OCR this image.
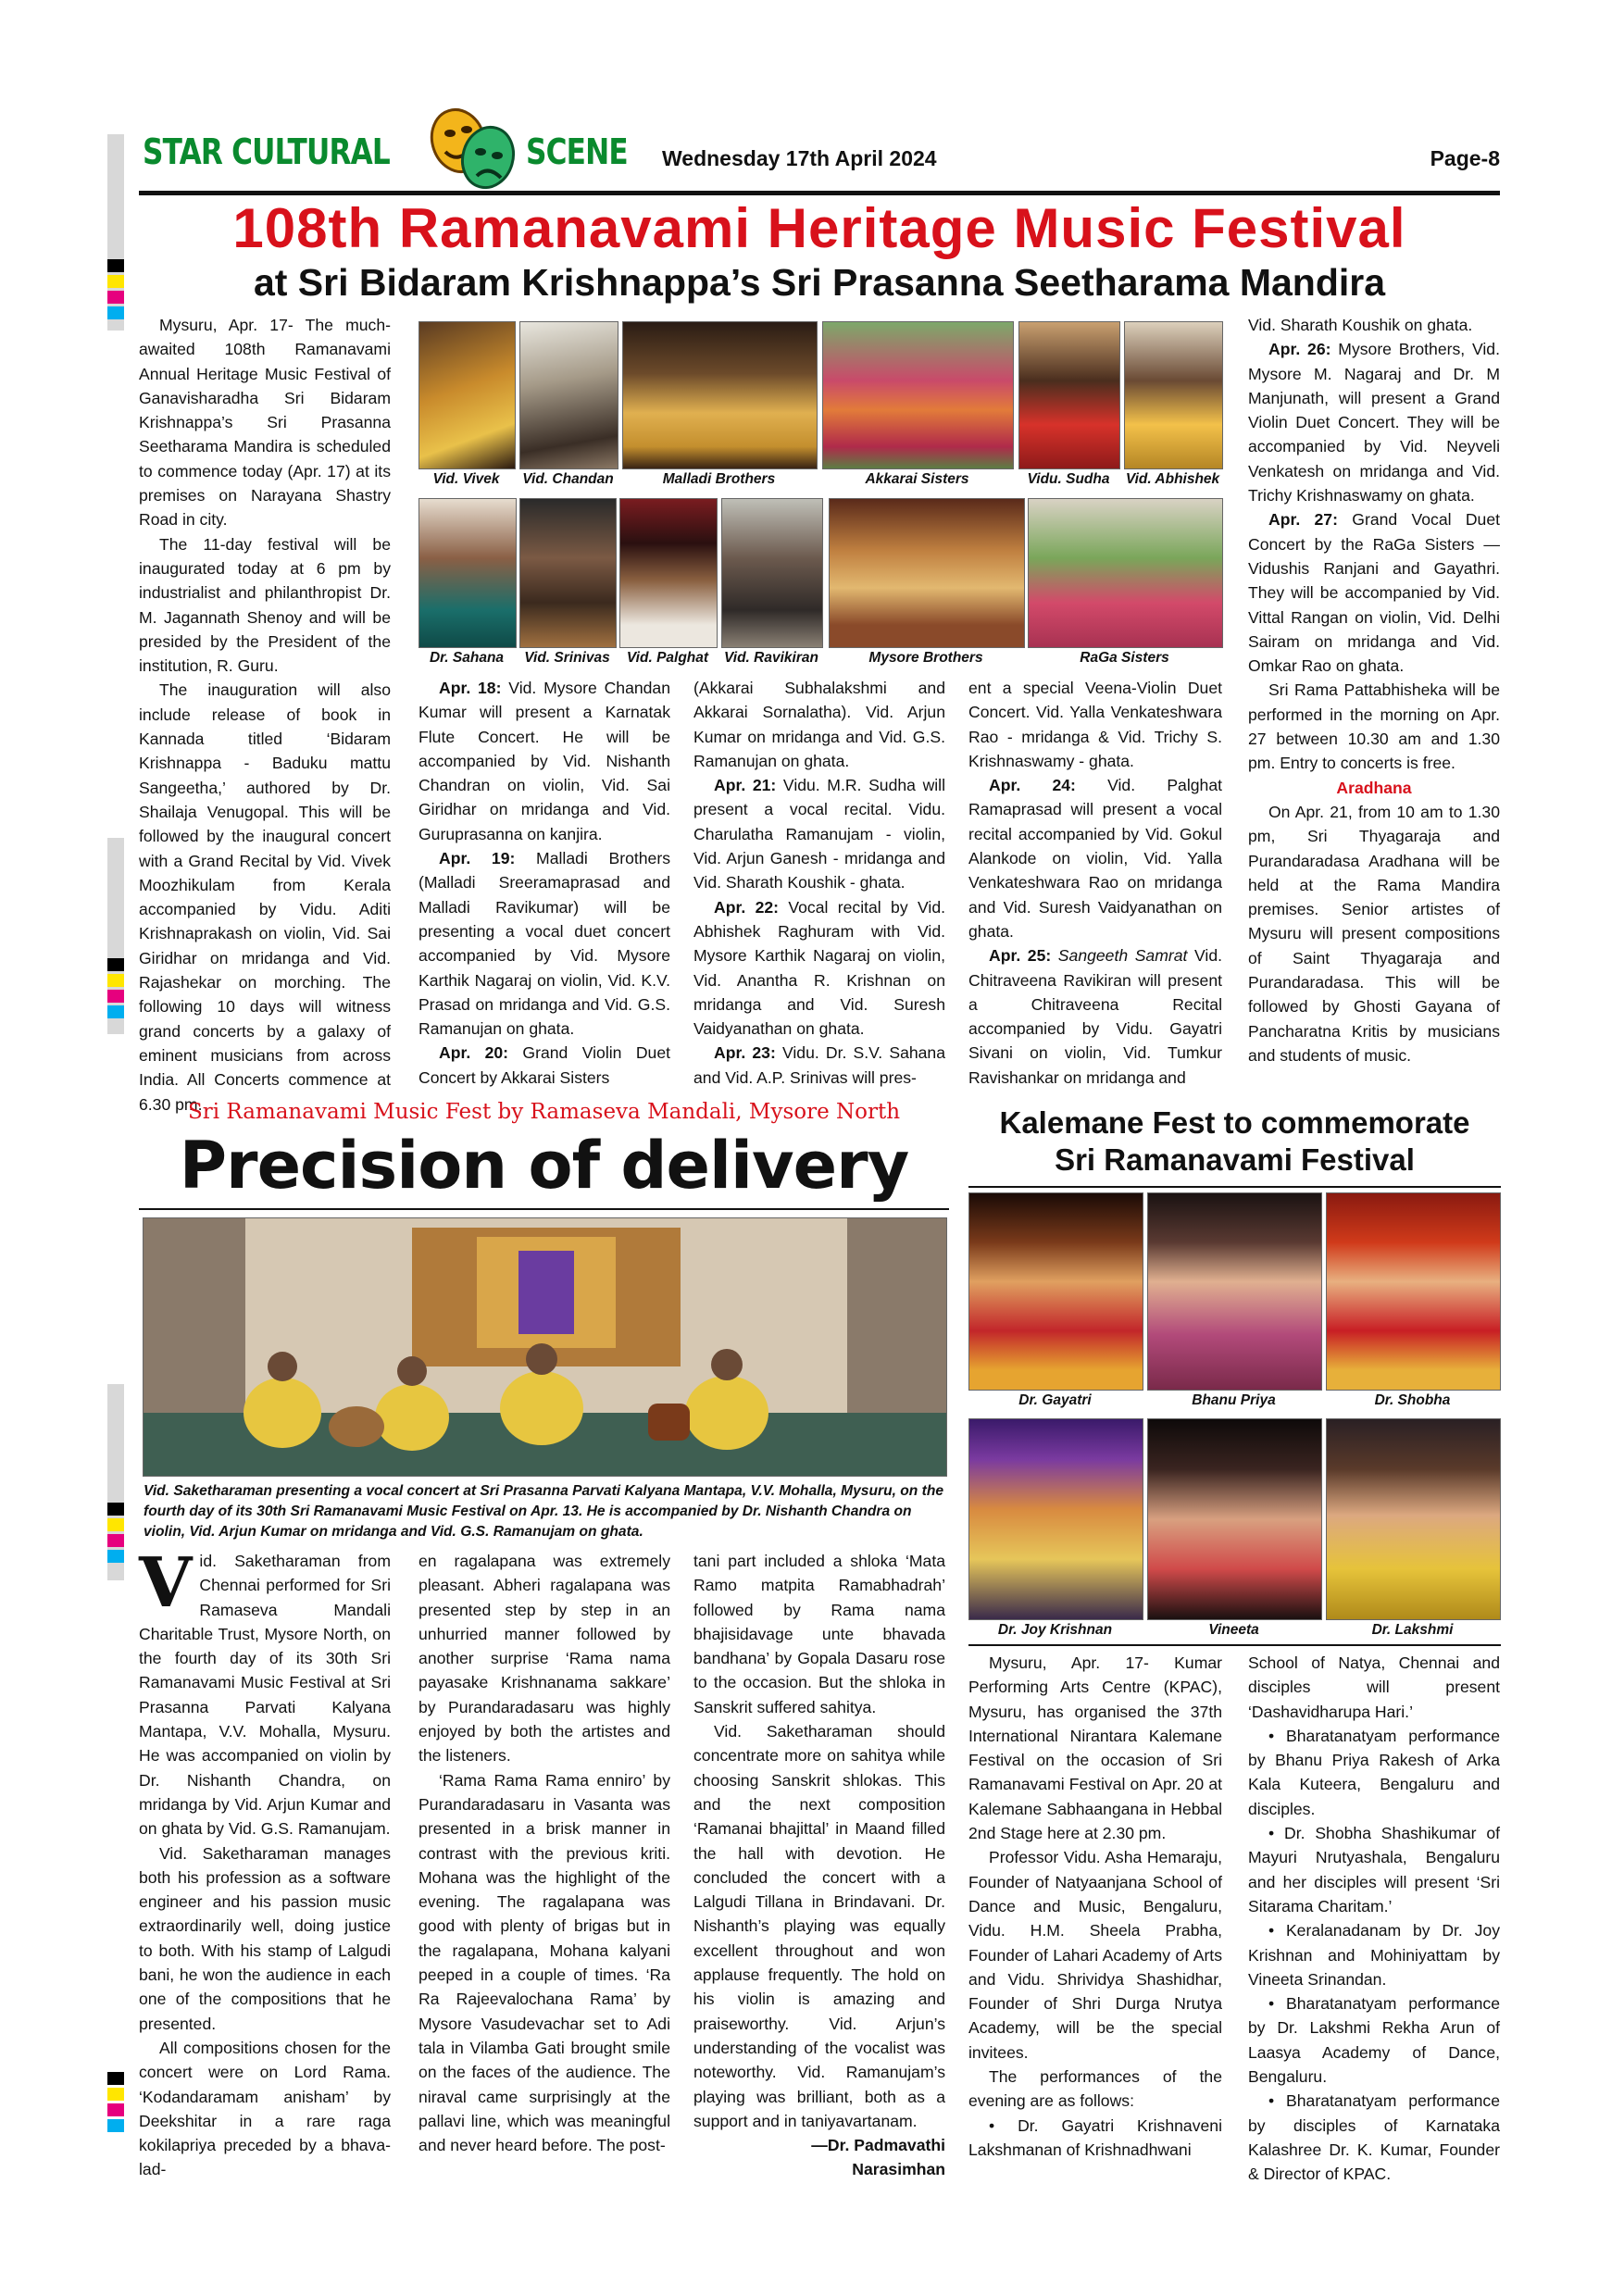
STAR CULTURAL	SCENE Wednesday 17th April 2024	Page-8
108th Ramanavami Heritage Music Festival
at Sri Bidaram Krishnappa’s Sri Prasanna Seetharama Mandira

Mysuru, Apr. 17- The much-awaited 108th Ramanavami Annual Heritage Music Festival of Ganavisharadha Sri Bidaram Krishnappa’s Sri Prasanna Seetharama Mandira is scheduled to commence today (Apr. 17) at its premises on Narayana Shastry Road in city.

The 11-day festival will be inaugurated today at 6 pm by industrialist and philanthropist Dr. M. Jagannath Shenoy and will be presided by the President of the institution, R. Guru.

The inauguration will also include release of book in Kannada titled ‘Bidaram Krishnappa - Baduku mattu Sangeetha,’ authored by Dr. Shailaja Venugopal. This will be followed by the inaugural concert with a Grand Recital by Vid. Vivek Moozhikulam from Kerala accompanied by Vidu. Aditi Krishnaprakash on violin, Vid. Sai Giridhar on mridanga and Vid. Rajashekar on morching. The following 10 days will witness grand concerts by a galaxy of eminent musicians from across India. All Concerts commence at 6.30 pm.

Vid. Vivek	Vid. Chandan	Malladi Brothers	Akkarai Sisters	Vidu. Sudha	Vid. Abhishek
Dr. Sahana	Vid. Srinivas	Vid. Palghat	Vid. Ravikiran	Mysore Brothers	RaGa Sisters

Apr. 18: Vid. Mysore Chandan Kumar will present a Karnatak Flute Concert. He will be accompanied by Vid. Nishanth Chandran on violin, Vid. Sai Giridhar on mridanga and Vid. Guruprasanna on kanjira.

Apr. 19: Malladi Brothers (Malladi Sreeramaprasad and Malladi Ravikumar) will be presenting a vocal duet concert accompanied by Vid. Mysore Karthik Nagaraj on violin, Vid. K.V. Prasad on mridanga and Vid. G.S. Ramanujan on ghata.

Apr. 20: Grand Violin Duet Concert by Akkarai Sisters

(Akkarai Subhalakshmi and Akkarai Sornalatha). Vid. Arjun Kumar on mridanga and Vid. G.S. Ramanujan on ghata.

Apr. 21: Vidu. M.R. Sudha will present a vocal recital. Vidu. Charulatha Ramanujam - violin, Vid. Arjun Ganesh - mridanga and Vid. Sharath Koushik - ghata.

Apr. 22: Vocal recital by Vid. Abhishek Raghuram with Vid. Mysore Karthik Nagaraj on violin, Vid. Anantha R. Krishnan on mridanga and Vid. Suresh Vaidyanathan on ghata.

Apr. 23: Vidu. Dr. S.V. Sahana and Vid. A.P. Srinivas will pres-

ent a special Veena-Violin Duet Concert. Vid. Yalla Venkateshwara Rao - mridanga & Vid. Trichy S. Krishnaswamy - ghata.

Apr. 24: Vid. Palghat Ramaprasad will present a vocal recital accompanied by Vid. Gokul Alankode on violin, Vid. Yalla Venkateshwara Rao on mridanga and Vid. Suresh Vaidyanathan on ghata.

Apr. 25: Sangeeth Samrat Vid. Chitraveena Ravikiran will present a Chitraveena Recital accompanied by Vidu. Gayatri Sivani on violin, Vid. Tumkur Ravishankar on mridanga and

Vid. Sharath Koushik on ghata.

Apr. 26: Mysore Brothers, Vid. Mysore M. Nagaraj and Dr. M Manjunath, will present a Grand Violin Duet Concert. They will be accompanied by Vid. Neyveli Venkatesh on mridanga and Vid. Trichy Krishnaswamy on ghata.

Apr. 27: Grand Vocal Duet Concert by the RaGa Sisters — Vidushis Ranjani and Gayathri. They will be accompanied by Vid. Vittal Rangan on violin, Vid. Delhi Sairam on mridanga and Vid. Omkar Rao on ghata.

Sri Rama Pattabhisheka will be performed in the morning on Apr. 27 between 10.30 am and 1.30 pm. Entry to concerts is free.

Aradhana

On Apr. 21, from 10 am to 1.30 pm, Sri Thyagaraja and Purandaradasa Aradhana will be held at the Rama Mandira premises. Senior artistes of Mysuru will present compositions of Saint Thyagaraja and Purandaradasa. This will be followed by Ghosti Gayana of Pancharatna Kritis by musicians and students of music.

Sri Ramanavami Music Fest by Ramaseva Mandali, Mysore North
Precision of delivery
Vid. Saketharaman presenting a vocal concert at Sri Prasanna Parvati Kalyana Mantapa, V.V. Mohalla, Mysuru, on the fourth day of its 30th Sri Ramanavami Music Festival on Apr. 13. He is accompanied by Dr. Nishanth Chandra on violin, Vid. Arjun Kumar on mridanga and Vid. G.S. Ramanujam on ghata.

Vid. Saketharaman from Chennai performed for Sri Ramaseva Mandali Charitable Trust, Mysore North, on the fourth day of its 30th Sri Ramanavami Music Festival at Sri Prasanna Parvati Kalyana Mantapa, V.V. Mohalla, Mysuru. He was accompanied on violin by Dr. Nishanth Chandra, on mridanga by Vid. Arjun Kumar and on ghata by Vid. G.S. Ramanujam.

Vid. Saketharaman manages both his profession as a software engineer and his passion music extraordinarily well, doing justice to both. With his stamp of Lalgudi bani, he won the audience in each one of the compositions that he presented.

All compositions chosen for the concert were on Lord Rama. ‘Kodandaramam anisham’ by Deekshitar in a rare raga kokilapriya preceded by a bhava-lad-

en ragalapana was extremely pleasant. Abheri ragalapana was presented step by step in an unhurried manner followed by another surprise ‘Rama nama payasake Krishnanama sakkare’ by Purandaradasaru was highly enjoyed by both the artistes and the listeners.

‘Rama Rama Rama enniro’ by Purandaradasaru in Vasanta was presented in a brisk manner in contrast with the previous kriti. Mohana was the highlight of the evening. The ragalapana was good with plenty of brigas but in the ragalapana, Mohana kalyani peeped in a couple of times. ‘Ra Ra Rajeevalochana Rama’ by Mysore Vasudevachar set to Adi tala in Vilamba Gati brought smile on the faces of the audience. The niraval came surprisingly at the pallavi line, which was meaningful and never heard before. The post-

tani part included a shloka ‘Mata Ramo matpita Ramabhadrah’ followed by Rama nama bhajisidavage unte bhavada bandhana’ by Gopala Dasaru rose to the occasion. But the shloka in Sanskrit suffered sahitya.

Vid. Saketharaman should concentrate more on sahitya while choosing Sanskrit shlokas. This and the next composition ‘Ramanai bhajittal’ in Maand filled the hall with devotion. He concluded the concert with a Lalgudi Tillana in Brindavani. Dr. Nishanth’s playing was equally excellent throughout and won applause frequently. The hold on his violin is amazing and praiseworthy. Vid. Arjun’s understanding of the vocalist was noteworthy. Vid. Ramanujam’s playing was brilliant, both as a support and in taniyavartanam.

—Dr. Padmavathi

Narasimhan

Kalemane Fest to commemorate
Sri Ramanavami Festival
Dr. Gayatri	Bhanu Priya	Dr. Shobha
Dr. Joy Krishnan	Vineeta	Dr. Lakshmi

Mysuru, Apr. 17- Kumar Performing Arts Centre (KPAC), Mysuru, has organised the 37th International Nirantara Kalemane Festival on the occasion of Sri Ramanavami Festival on Apr. 20 at Kalemane Sabhaangana in Hebbal 2nd Stage here at 2.30 pm.

Professor Vidu. Asha Hemaraju, Founder of Natyaanjana School of Dance and Music, Bengaluru, Vidu. H.M. Sheela Prabha, Founder of Lahari Academy of Arts and Vidu. Shrividya Shashidhar, Founder of Shri Durga Nrutya Academy, will be the special invitees.

The performances of the evening are as follows:

• Dr. Gayatri Krishnaveni Lakshmanan of Krishnadhwani

School of Natya, Chennai and disciples will present ‘Dashavidharupa Hari.’

• Bharatanatyam performance by Bhanu Priya Rakesh of Arka Kala Kuteera, Bengaluru and disciples.

• Dr. Shobha Shashikumar of Mayuri Nrutyashala, Bengaluru and her disciples will present ‘Sri Sitarama Charitam.’

• Keralanadanam by Dr. Joy Krishnan and Mohiniyattam by Vineeta Srinandan.

• Bharatanatyam performance by Dr. Lakshmi Rekha Arun of Laasya Academy of Dance, Bengaluru.

• Bharatanatyam performance by disciples of Karnataka Kalashree Dr. K. Kumar, Founder & Director of KPAC.
